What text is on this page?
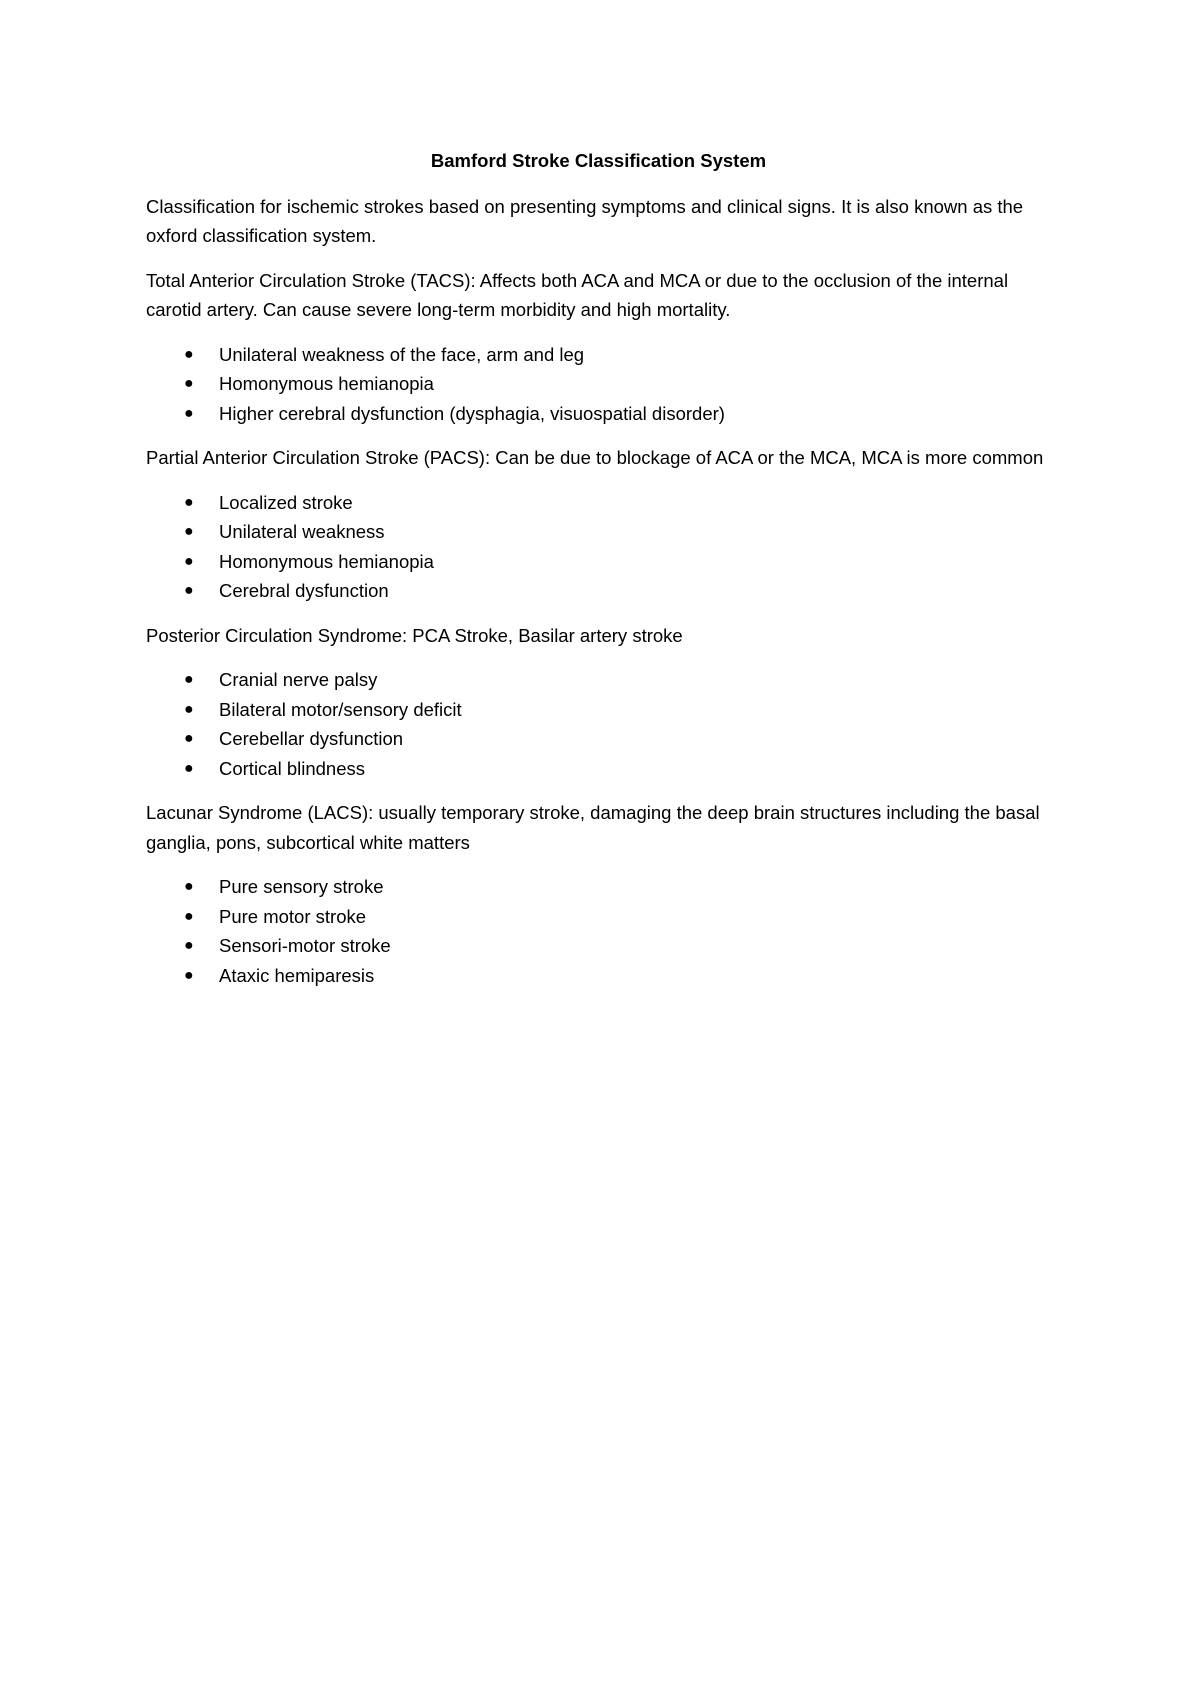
Bamford Stroke Classification System

Classification for ischemic strokes based on presenting symptoms and clinical signs. It is also known as the oxford classification system.

Total Anterior Circulation Stroke (TACS): Affects both ACA and MCA or due to the occlusion of the internal carotid artery. Can cause severe long-term morbidity and high mortality.

● Unilateral weakness of the face, arm and leg
● Homonymous hemianopia
● Higher cerebral dysfunction (dysphagia, visuospatial disorder)

Partial Anterior Circulation Stroke (PACS): Can be due to blockage of ACA or the MCA, MCA is more common

● Localized stroke
● Unilateral weakness
● Homonymous hemianopia
● Cerebral dysfunction

Posterior Circulation Syndrome: PCA Stroke, Basilar artery stroke

● Cranial nerve palsy
● Bilateral motor/sensory deficit
● Cerebellar dysfunction
● Cortical blindness

Lacunar Syndrome (LACS): usually temporary stroke, damaging the deep brain structures including the basal ganglia, pons, subcortical white matters

● Pure sensory stroke
● Pure motor stroke
● Sensori-motor stroke
● Ataxic hemiparesis
